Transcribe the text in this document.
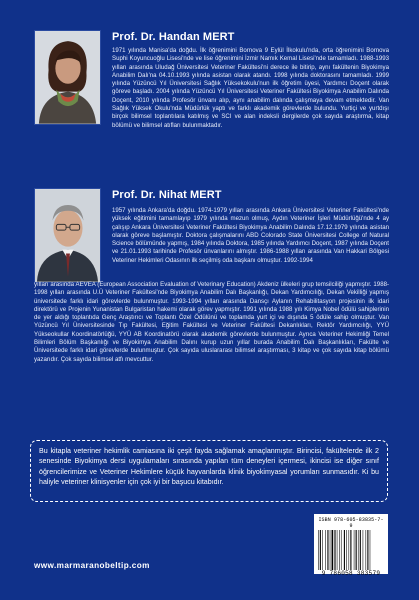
Prof. Dr. Handan MERT
1971 yılında Manisa'da doğdu. İlk öğrenimini Bornova 9 Eylül İlkokulu'nda, orta öğrenimini Bornova Suphi Koyuncuoğlu Lisesi'nde ve lise öğrenimini İzmir Namık Kemal Lisesi'nde tamamladı. 1988-1993 yılları arasında Uludağ Üniversitesi Veteriner Fakültesi'ni derece ile bitirip, aynı fakültenin Biyokimya Anabilim Dalı'na 04.10.1993 yılında asistan olarak atandı. 1998 yılında doktorasını tamamladı. 1999 yılında Yüzüncü Yıl Üniversitesi Sağlık Yüksekokulu'nun ilk öğretim üyesi, Yardımcı Doçent olarak göreve başladı. 2004 yılında Yüzüncü Yıl Üniversitesi Veteriner Fakültesi Biyokimya Anabilim Dalında Doçent, 2010 yılında Profesör ünvanı alıp, aynı anabilim dalında çalışmaya devam etmektedir. Van Sağlık Yüksek Okulu'nda Müdürlük yaptı ve farklı akademik görevlerde bulundu. Yurtiçi ve yurtdışı birçok bilimsel toplantılara katılmış ve SCI ve alan indeksli dergilerde çok sayıda araştırma, kitap bölümü ve bilimsel atıfları bulunmaktadır.
Prof. Dr. Nihat MERT
1957 yılında Ankara'da doğdu. 1974-1979 yılları arasında Ankara Üniversitesi Veteriner Fakültesi'nde yüksek eğitimini tamamlayıp 1979 yılında mezun olmuş, Aydın Veteriner İşleri Müdürlüğü'nde 4 ay çalışıp Ankara Üniversitesi Veteriner Fakültesi Biyokimya Anabilim Dalında 17.12.1979 yılında asistan olarak göreve başlamıştır. Doktora çalışmalarını ABD Colorado State Üniversitesi College of Natural Science bölümünde yapmış, 1984 yılında Doktora, 1985 yılında Yardımcı Doçent, 1987 yılında Doçent ve 21.01.1993 tarihinde Profesör ünvanlarını almıştır. 1986-1988 yılları arasında Van Hakkari Bölgesi Veteriner Hekimleri Odasının ilk seçilmiş oda başkanı olmuştur. 1992-1994
yılları arasında AEVEA (European Association Evaluation of Veterinary Education) Akdeniz ülkeleri grup temsilciliği yapmıştır. 1988-1998 yılları arasında U.Ü Veteriner Fakültesi'nde Biyokimya Anabilim Dalı Başkanlığı, Dekan Yardımcılığı, Dekan Vekilliği yapmış üniversitede farklı idari görevlerde bulunmuştur. 1993-1994 yılları arasında Dansçı Aylanın Rehabilitasyon projesinin ilk idari direktörü ve Projenin Yunanistan Bulgaristan hakemi olarak görev yapmıştır. 1991 yılında 1988 yılı Kimya Nobel ödülü sahiplerinin de yer aldığı toplantıda Genç Araştırıcı ve Toplantı Özel Ödülünü ve toplamda yurt içi ve dışında 5 ödüle sahip olmuştur. Van Yüzüncü Yıl Üniversitesinde Tıp Fakültesi, Eğitim Fakültesi ve Veteriner Fakültesi Dekanlıkları, Rektör Yardımcılığı, YYÜ Yükseokullar Koordinatörlüğü, YYÜ AB Koordinatörü olarak akademik görevlerde bulunmuştur. Ayrıca Veteriner Hekimliği Temel Bilimleri Bölüm Başkanlığı ve Biyokimya Anabilim Dalını kurup uzun yıllar burada Anabilim Dalı Başkanlıkları, Fakülte ve Üniversitede farklı idari görevlerde bulunmuştur. Çok sayıda uluslararası bilimsel araştırması, 3 kitap ve çok sayıda kitap bölümü yazarıdır. Çok sayıda bilimsel atfı mevcuttur.

Bu kitapla veteriner hekimlik camiasına iki çeşit fayda sağlamak amaçlanmıştır. Birincisi, fakültelerde ilk 2 senesinde Biyokimya dersi uygulamaları sırasında yapılan tüm deneyleri içermesi, ikincisi ise diğer sınıf öğrencilerimize ve Veteriner Hekimlere küçük hayvanlarda klinik biyokimyasal yorumları sunmasıdır. Ki bu haliyle veteriner klinisyenler için çok iyi bir başucu kitabıdır.

ISBN 978-605-83835-7-9
9 786058 383579
www.marmaranobeltip.com
